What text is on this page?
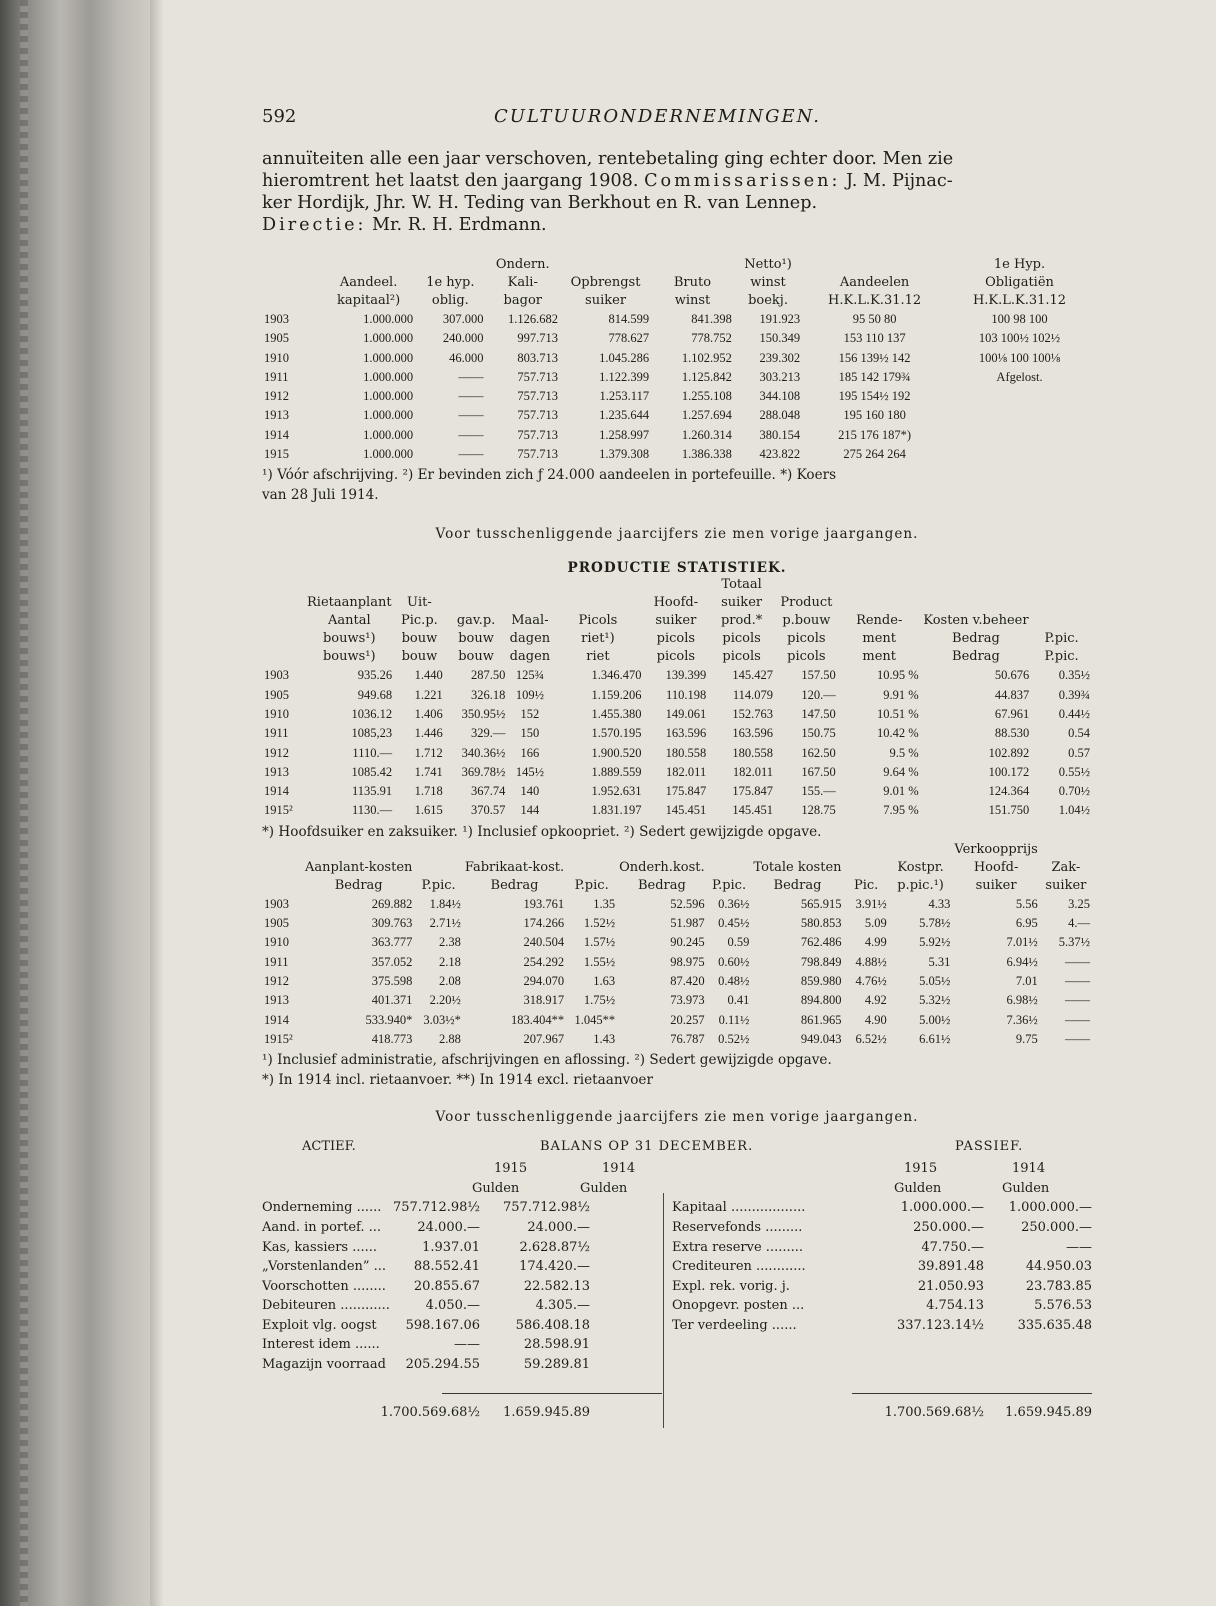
592	CULTUURONDERNEMINGEN.
annuïteiten alle een jaar verschoven, rentebetaling ging echter door. Men zie
hieromtrent het laatst den jaargang 1908. Commissarissen: J. M. Pijnac-
ker Hordijk, Jhr. W. H. Teding van Berkhout en R. van Lennep.
Directie: Mr. R. H. Erdmann.
			Ondern.			Netto¹)		1e Hyp.
	Aandeel.	1e hyp.	Kali-	Opbrengst	Bruto	winst	Aandeelen	Obligatiën
	kapitaal²)	oblig.	bagor	suiker	winst	boekj.	H.K.L.K.31.12	H.K.L.K.31.12
1903	1.000.000	307.000	1.126.682	814.599	841.398	191.923	95 50 80	100 98 100
1905	1.000.000	240.000	997.713	778.627	778.752	150.349	153 110 137	103 100½ 102½
1910	1.000.000	46.000	803.713	1.045.286	1.102.952	239.302	156 139½ 142	100⅛ 100 100⅛
1911	1.000.000	——	757.713	1.122.399	1.125.842	303.213	185 142 179¾	Afgelost.
1912	1.000.000	——	757.713	1.253.117	1.255.108	344.108	195 154½ 192	
1913	1.000.000	——	757.713	1.235.644	1.257.694	288.048	195 160 180	
1914	1.000.000	——	757.713	1.258.997	1.260.314	380.154	215 176 187*)	
1915	1.000.000	——	757.713	1.379.308	1.386.338	423.822	275 264 264	
¹) Vóór afschrijving. ²) Er bevinden zich ƒ 24.000 aandeelen in portefeuille. *) Koers
van 28 Juli 1914.
Voor tusschenliggende jaarcijfers zie men vorige jaargangen.
PRODUCTIE STATISTIEK.
							Totaal				
	Rietaanplant	Uit-				Hoofd-	suiker	Product			
	Aantal	Pic.p.	gav.p.	Maal-	Picols	suiker	prod.*	p.bouw	Rende-	Kosten v.beheer	
	bouws¹)	bouw	bouw	dagen	riet¹)	picols	picols	picols	ment	Bedrag	P.pic.
	bouws¹)	bouw	bouw	dagen	riet	picols	picols	picols	ment	Bedrag	P.pic.
1903	935.26	1.440	287.50	125¾	1.346.470	139.399	145.427	157.50	10.95 %	50.676	0.35½
1905	949.68	1.221	326.18	109½	1.159.206	110.198	114.079	120.—	9.91 %	44.837	0.39¾
1910	1036.12	1.406	350.95½	152	1.455.380	149.061	152.763	147.50	10.51 %	67.961	0.44½
1911	1085,23	1.446	329.—	150	1.570.195	163.596	163.596	150.75	10.42 %	88.530	0.54
1912	1110.—	1.712	340.36½	166	1.900.520	180.558	180.558	162.50	9.5 %	102.892	0.57
1913	1085.42	1.741	369.78½	145½	1.889.559	182.011	182.011	167.50	9.64 %	100.172	0.55½
1914	1135.91	1.718	367.74	140	1.952.631	175.847	175.847	155.—	9.01 %	124.364	0.70½
1915²	1130.—	1.615	370.57	144	1.831.197	145.451	145.451	128.75	7.95 %	151.750	1.04½
*) Hoofdsuiker en zaksuiker. ¹) Inclusief opkoopriet. ²) Sedert gewijzigde opgave.
										Verkoopprijs	
	Aanplant-kosten		Fabrikaat-kost.		Onderh.kost.		Totale kosten		Kostpr.	Hoofd-	Zak-
	Bedrag	P.pic.	Bedrag	P.pic.	Bedrag	P.pic.	Bedrag	Pic.	p.pic.¹)	suiker	suiker
1903	269.882	1.84½	193.761	1.35	52.596	0.36½	565.915	3.91½	4.33	5.56	3.25
1905	309.763	2.71½	174.266	1.52½	51.987	0.45½	580.853	5.09	5.78½	6.95	4.—
1910	363.777	2.38	240.504	1.57½	90.245	0.59	762.486	4.99	5.92½	7.01½	5.37½
1911	357.052	2.18	254.292	1.55½	98.975	0.60½	798.849	4.88½	5.31	6.94½	——
1912	375.598	2.08	294.070	1.63	87.420	0.48½	859.980	4.76½	5.05½	7.01	——
1913	401.371	2.20½	318.917	1.75½	73.973	0.41	894.800	4.92	5.32½	6.98½	——
1914	533.940*	3.03½*	183.404**	1.045**	20.257	0.11½	861.965	4.90	5.00½	7.36½	——
1915²	418.773	2.88	207.967	1.43	76.787	0.52½	949.043	6.52½	6.61½	9.75	——
¹) Inclusief administratie, afschrijvingen en aflossing. ²) Sedert gewijzigde opgave.
*) In 1914 incl. rietaanvoer. **) In 1914 excl. rietaanvoer
Voor tusschenliggende jaarcijfers zie men vorige jaargangen.
ACTIEF.	BALANS OP 31 DECEMBER.	PASSIEF.
1915	1914
Gulden	Gulden
Onderneming ...... 757.712.98½ 757.712.98½
Aand. in portef. ...	24.000.—	24.000.—
Kas, kassiers ......	1.937.01	2.628.87½
„Vorstenlanden” ... 88.552.41	174.420.—
Voorschotten ........ 20.855.67	22.582.13
Debiteuren ............	4.050.—	4.305.—
Exploit vlg. oogst 598.167.06	586.408.18
Interest idem ......	——	28.598.91
Magazijn voorraad 205.294.55	59.289.81
1915	1914
Gulden	Gulden
Kapitaal ..................	1.000.000.— 1.000.000.—
Reservefonds .........	250.000.—	250.000.—
Extra reserve .........	47.750.—	——
Crediteuren ............	39.891.48	44.950.03
Expl. rek. vorig. j.	21.050.93	23.783.85
Onopgevr. posten ...	4.754.13	5.576.53
Ter verdeeling ......	337.123.14½	335.635.48
1.700.569.68½ 1.659.945.89	1.700.569.68½ 1.659.945.89
